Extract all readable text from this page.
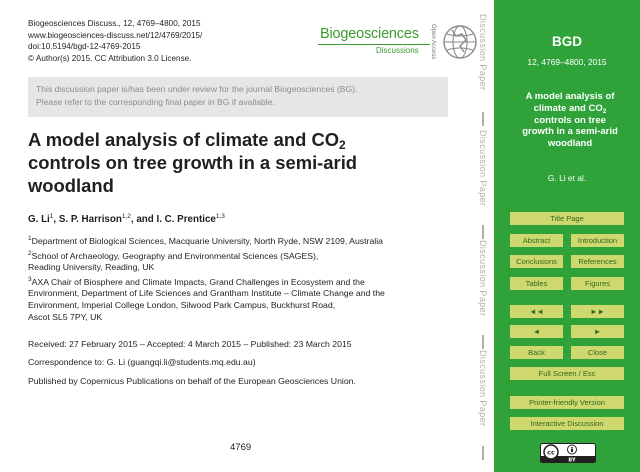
Biogeosciences Discuss., 12, 4769–4800, 2015
www.biogeosciences-discuss.net/12/4769/2015/
doi:10.5194/bgd-12-4769-2015
© Author(s) 2015. CC Attribution 3.0 License.
Biogeosciences
Discussions Open Access
This discussion paper is/has been under review for the journal Biogeosciences (BG).
Please refer to the corresponding final paper in BG if available.
A model analysis of climate and $CO_2$
controls on tree growth in a semi-arid
woodland
G. Li$^1$, S. P. Harrison$^{1,2}$, and I. C. Prentice$^{1,3}$
$^1$Department of Biological Sciences, Macquarie University, North Ryde, NSW 2109, Australia
$^2$School of Archaeology, Geography and Environmental Sciences (SAGES),
Reading University, Reading, UK
$^3$AXA Chair of Biosphere and Climate Impacts, Grand Challenges in Ecosystem and the
Environment, Department of Life Sciences and Grantham Institute – Climate Change and the
Environment, Imperial College London, Silwood Park Campus, Buckhurst Road,
Ascot SL5 7PY, UK
Received: 27 February 2015 – Accepted: 4 March 2015 – Published: 23 March 2015
Correspondence to: G. Li (guangqi.li@students.mq.edu.au)
Published by Copernicus Publications on behalf of the European Geosciences Union.
4769
Discussion Paper
Discussion Paper
Discussion Paper
Discussion Paper
BGD
12, 4769–4800, 2015
A model analysis of
climate and $CO_2$
controls on tree
growth in a semi-arid
woodland
G. Li et al.
Title Page
Abstract	Introduction
Conclusions	References
Tables	Figures
◄◄	►►
◄	►
Back	Close
Full Screen / Esc
Printer-friendly Version
Interactive Discussion
cc
BY
